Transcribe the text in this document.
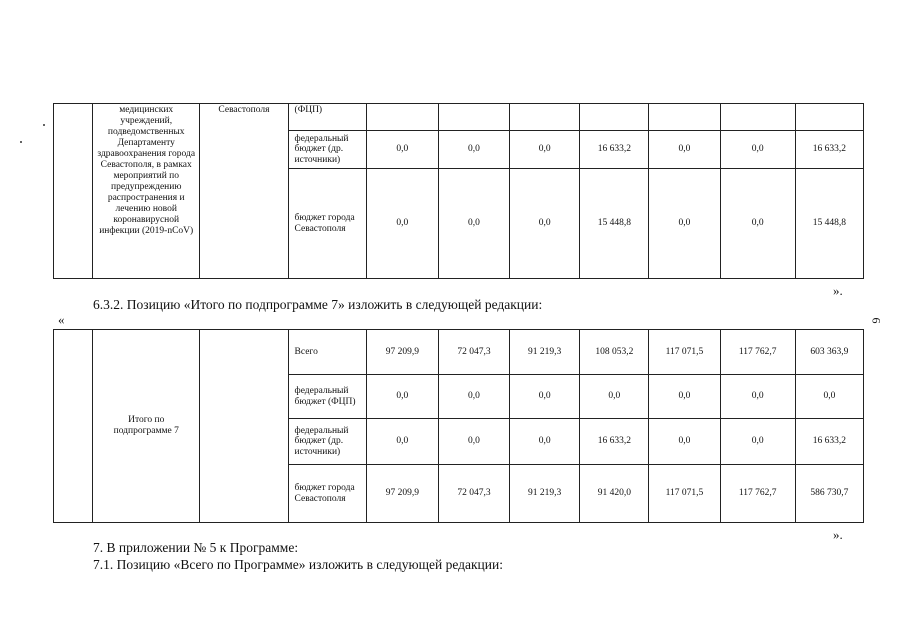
	медицинских учреждений, подведомственных Департаменту здравоохранения города Севастополя, в рамках мероприятий по предупреждению распространения и лечению новой коронавирусной инфекции (2019-nCoV)	Севастополя	(ФЦП)							
			федеральный бюджет (др. источники)	0,0	0,0	0,0	16 633,2	0,0	0,0	16 633,2
			бюджет города Севастополя	0,0	0,0	0,0	15 448,8	0,0	0,0	15 448,8
».
6.3.2. Позицию «Итого по подпрограмме 7» изложить в следующей редакции:
«
	Итого по подпрограмме 7		Всего	97 209,9	72 047,3	91 219,3	108 053,2	117 071,5	117 762,7	603 363,9
			федеральный бюджет (ФЦП)	0,0	0,0	0,0	0,0	0,0	0,0	0,0
			федеральный бюджет (др. источники)	0,0	0,0	0,0	16 633,2	0,0	0,0	16 633,2
			бюджет города Севастополя	97 209,9	72 047,3	91 219,3	91 420,0	117 071,5	117 762,7	586 730,7
».
7. В приложении № 5 к Программе:
7.1. Позицию «Всего по Программе» изложить в следующей редакции:
6
